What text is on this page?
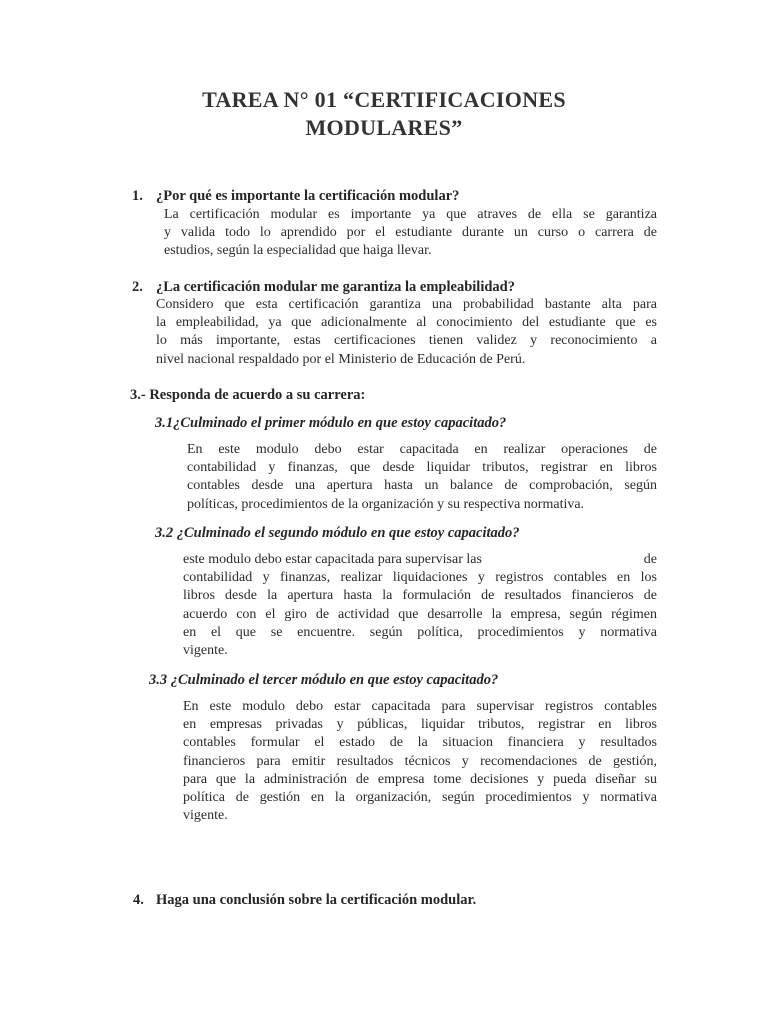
TAREA N° 01 “CERTIFICACIONES
MODULARES”
1. ¿Por qué es importante la certificación modular?
La certificación modular es importante ya que atraves de ella se garantiza
y valida todo lo aprendido por el estudiante durante un curso o carrera de
estudios, según la especialidad que haiga llevar.
2. ¿La certificación modular me garantiza la empleabilidad?
Considero que esta certificación garantiza una probabilidad bastante alta para
la empleabilidad, ya que adicionalmente al conocimiento del estudiante que es
lo más importante, estas certificaciones tienen validez y reconocimiento a
nivel nacional respaldado por el Ministerio de Educación de Perú.
3.- Responda de acuerdo a su carrera:
3.1¿Culminado el primer módulo en que estoy capacitado?
En este modulo debo estar capacitada en realizar operaciones de
contabilidad y finanzas, que desde liquidar tributos, registrar en libros
contables desde una apertura hasta un balance de comprobación, según
políticas, procedimientos de la organización y su respectiva normativa.
3.2 ¿Culminado el segundo módulo en que estoy capacitado?
este modulo debo estar capacitada para supervisar las	de
contabilidad y finanzas, realizar liquidaciones y registros contables en los
libros desde la apertura hasta la formulación de resultados financieros de
acuerdo con el giro de actividad que desarrolle la empresa, según régimen
en el que se encuentre. según política, procedimientos y normativa
vigente.
3.3 ¿Culminado el tercer módulo en que estoy capacitado?
En este modulo debo estar capacitada para supervisar registros contables
en empresas privadas y públicas, liquidar tributos, registrar en libros
contables formular el estado de la situacion financiera y resultados
financieros para emitir resultados técnicos y recomendaciones de gestión,
para que la administración de empresa tome decisiones y pueda diseñar su
política de gestión en la organización, según procedimientos y normativa
vigente.
4. Haga una conclusión sobre la certificación modular.
